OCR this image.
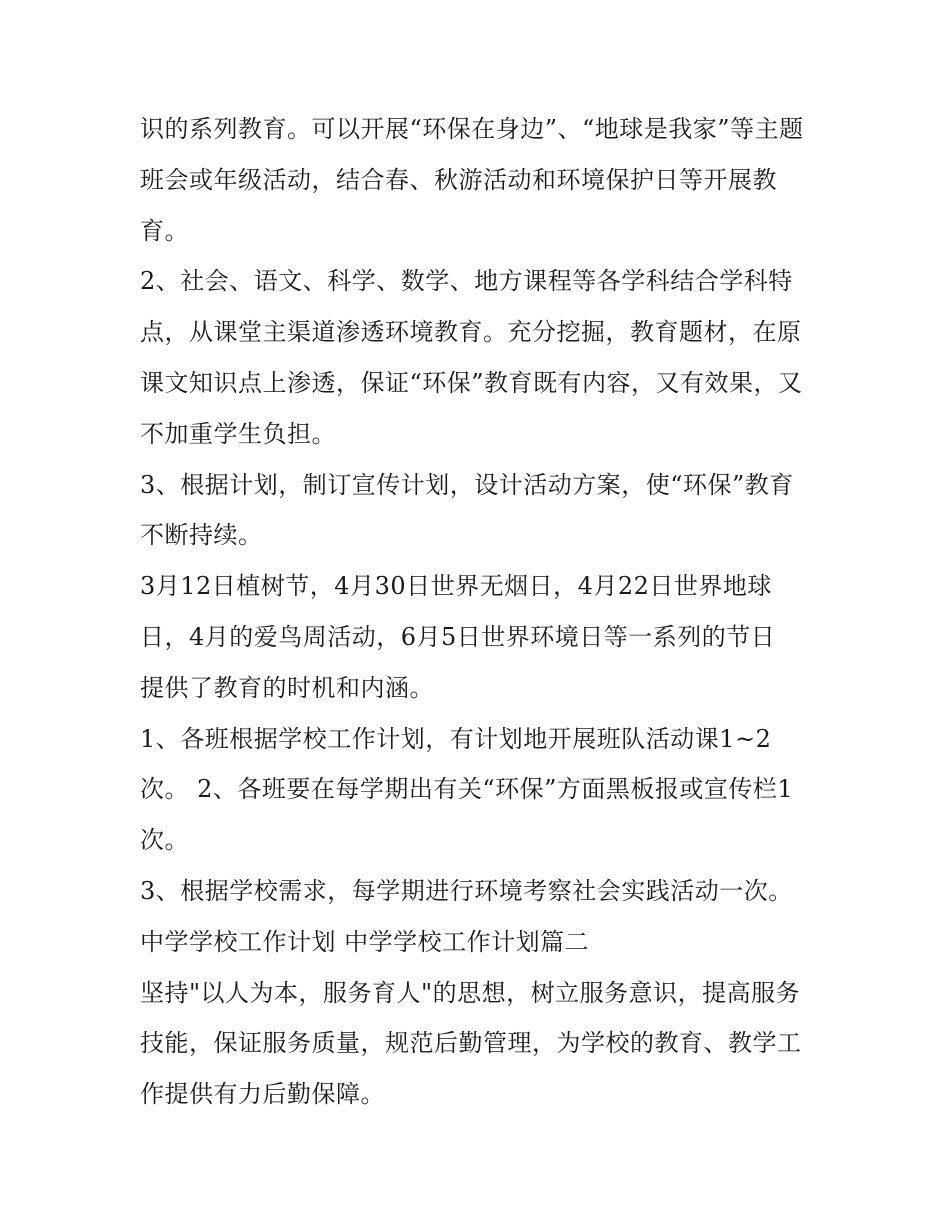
识的系列教育。可以开展“环保在身边”、“地球是我家”等主题
班会或年级活动，结合春、秋游活动和环境保护日等开展教
育。
2、社会、语文、科学、数学、地方课程等各学科结合学科特
点，从课堂主渠道渗透环境教育。充分挖掘，教育题材，在原
课文知识点上渗透，保证“环保”教育既有内容，又有效果，又
不加重学生负担。
3、根据计划，制订宣传计划，设计活动方案，使“环保”教育
不断持续。
3月12日植树节，4月30日世界无烟日，4月22日世界地球
日，4月的爱鸟周活动，6月5日世界环境日等一系列的节日
提供了教育的时机和内涵。
1、各班根据学校工作计划，有计划地开展班队活动课1~2
次。 2、各班要在每学期出有关“环保”方面黑板报或宣传栏1
次。
3、根据学校需求，每学期进行环境考察社会实践活动一次。
中学学校工作计划 中学学校工作计划篇二
坚持"以人为本，服务育人"的思想，树立服务意识，提高服务
技能，保证服务质量，规范后勤管理，为学校的教育、教学工
作提供有力后勤保障。
